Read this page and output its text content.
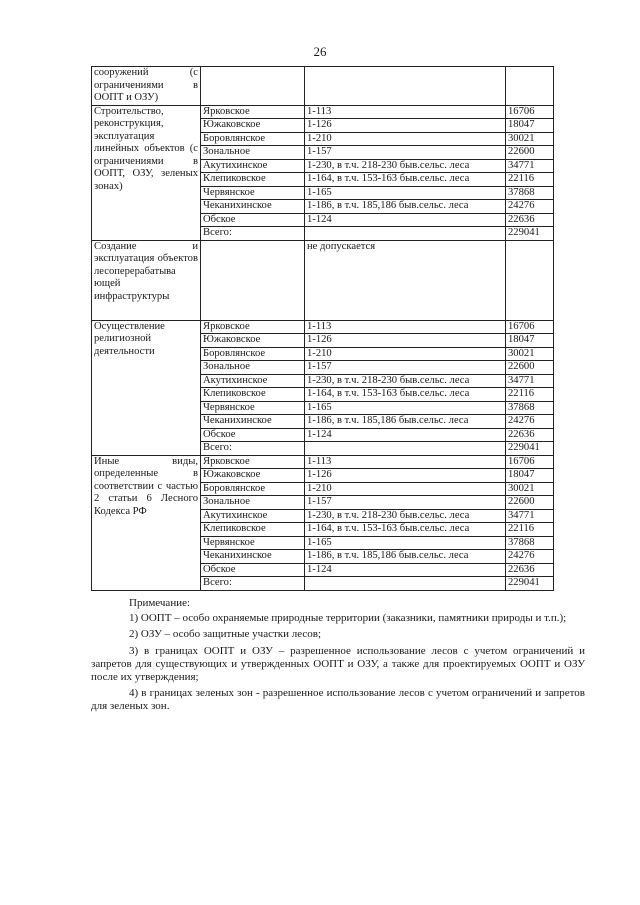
26
сооружений (с ограничениями в ООПТ и ОЗУ)			
Строительство, реконструкция, эксплуатация линейных объектов (с ограничениями в ООПТ, ОЗУ, зеленых зонах)	Ярковское	1-113	16706
	Южаковское	1-126	18047
	Боровлянское	1-210	30021
	Зональное	1-157	22600
	Акутихинское	1-230, в т.ч. 218-230 быв.сельс. леса	34771
	Клепиковское	1-164, в т.ч. 153-163 быв.сельс. леса	22116
	Червянское	1-165	37868
	Чеканихинское	1-186, в т.ч. 185,186 быв.сельс. леса	24276
	Обское	1-124	22636
	Всего:		229041
Создание и эксплуатация объектов лесоперерабатыва ющей инфраструктуры		не допускается	
Осуществление религиозной деятельности	Ярковское	1-113	16706
	Южаковское	1-126	18047
	Боровлянское	1-210	30021
	Зональное	1-157	22600
	Акутихинское	1-230, в т.ч. 218-230 быв.сельс. леса	34771
	Клепиковское	1-164, в т.ч. 153-163 быв.сельс. леса	22116
	Червянское	1-165	37868
	Чеканихинское	1-186, в т.ч. 185,186 быв.сельс. леса	24276
	Обское	1-124	22636
	Всего:		229041
Иные виды, определенные в соответствии с частью 2 статьи 6 Лесного Кодекса РФ	Ярковское	1-113	16706
	Южаковское	1-126	18047
	Боровлянское	1-210	30021
	Зональное	1-157	22600
	Акутихинское	1-230, в т.ч. 218-230 быв.сельс. леса	34771
	Клепиковское	1-164, в т.ч. 153-163 быв.сельс. леса	22116
	Червянское	1-165	37868
	Чеканихинское	1-186, в т.ч. 185,186 быв.сельс. леса	24276
	Обское	1-124	22636
	Всего:		229041

Примечание:

1) ООПТ – особо охраняемые природные территории (заказники, памятники природы и т.п.);

2) ОЗУ – особо защитные участки лесов;

3) в границах ООПТ и ОЗУ – разрешенное использование лесов с учетом ограничений и запретов для существующих и утвержденных ООПТ и ОЗУ, а также для проектируемых ООПТ и ОЗУ после их утверждения;

4) в границах зеленых зон - разрешенное использование лесов с учетом ограничений и запретов для зеленых зон.
